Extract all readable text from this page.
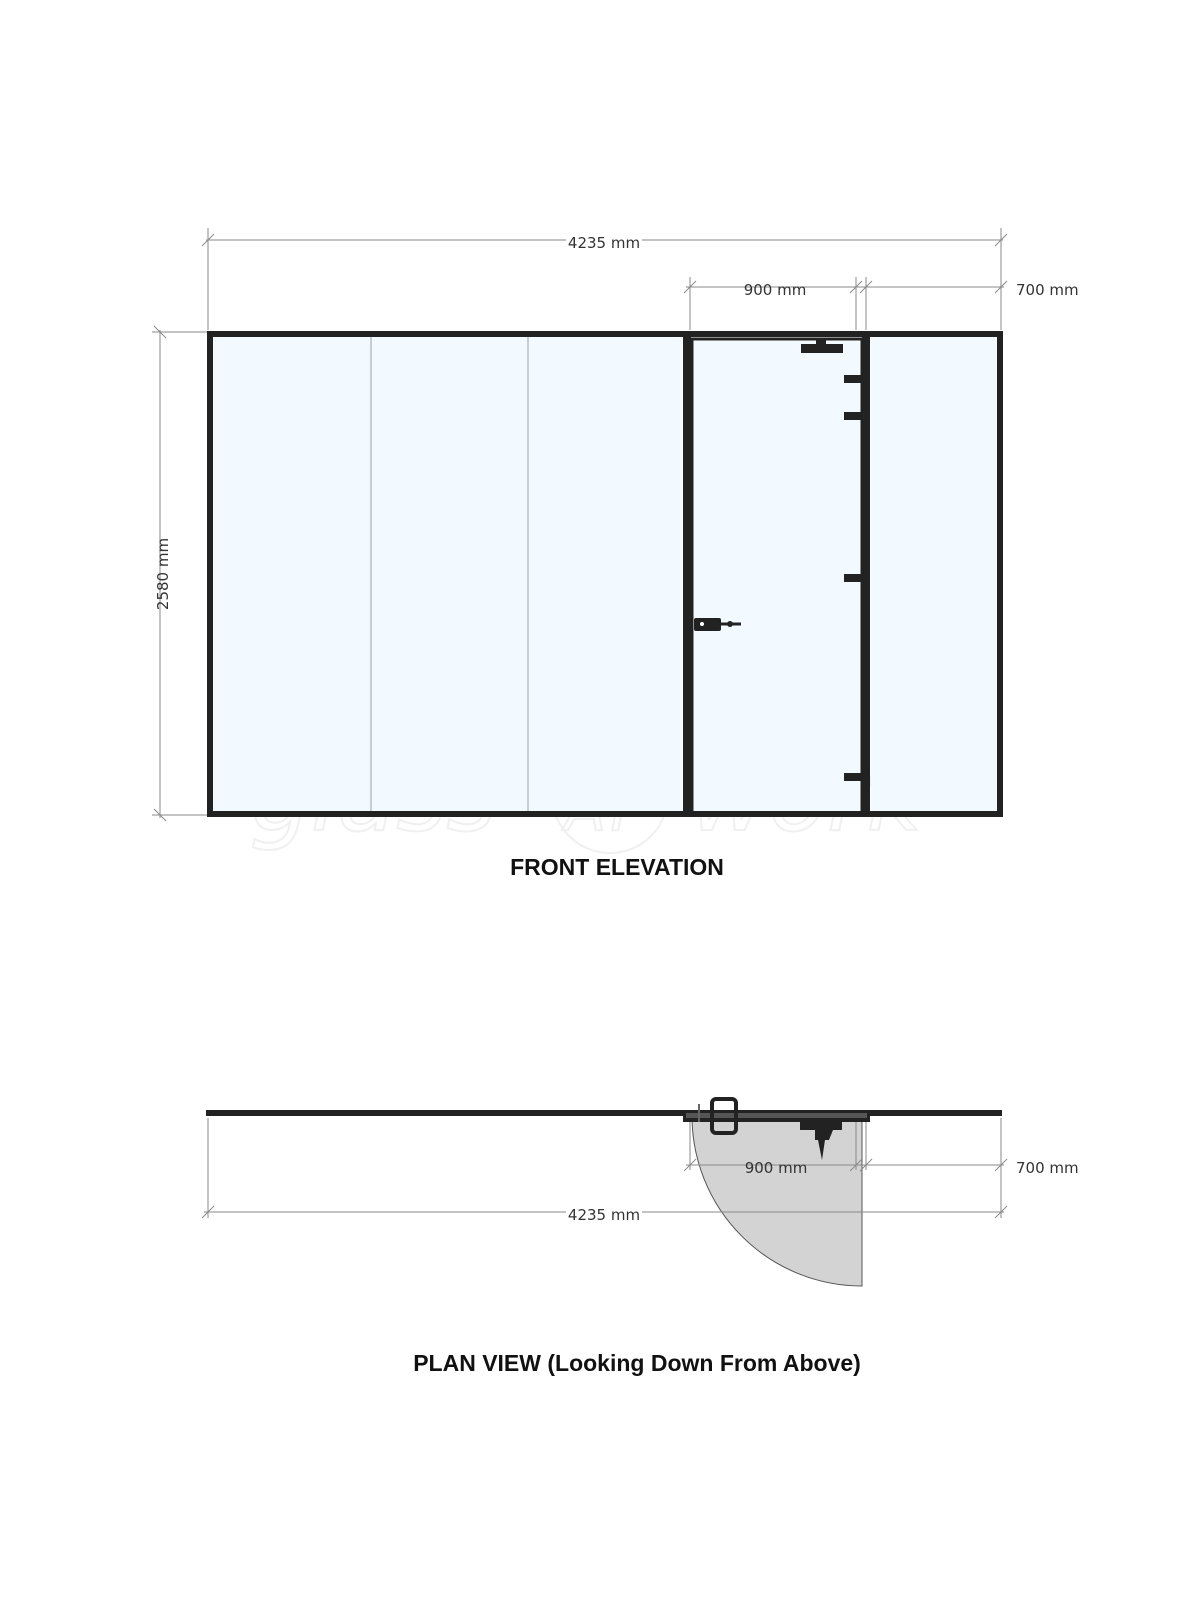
4235 mm
900 mm	700 mm
2580 mm
FRONT ELEVATION
900 mm	700 mm
4235 mm
PLAN VIEW (Looking Down From Above)
